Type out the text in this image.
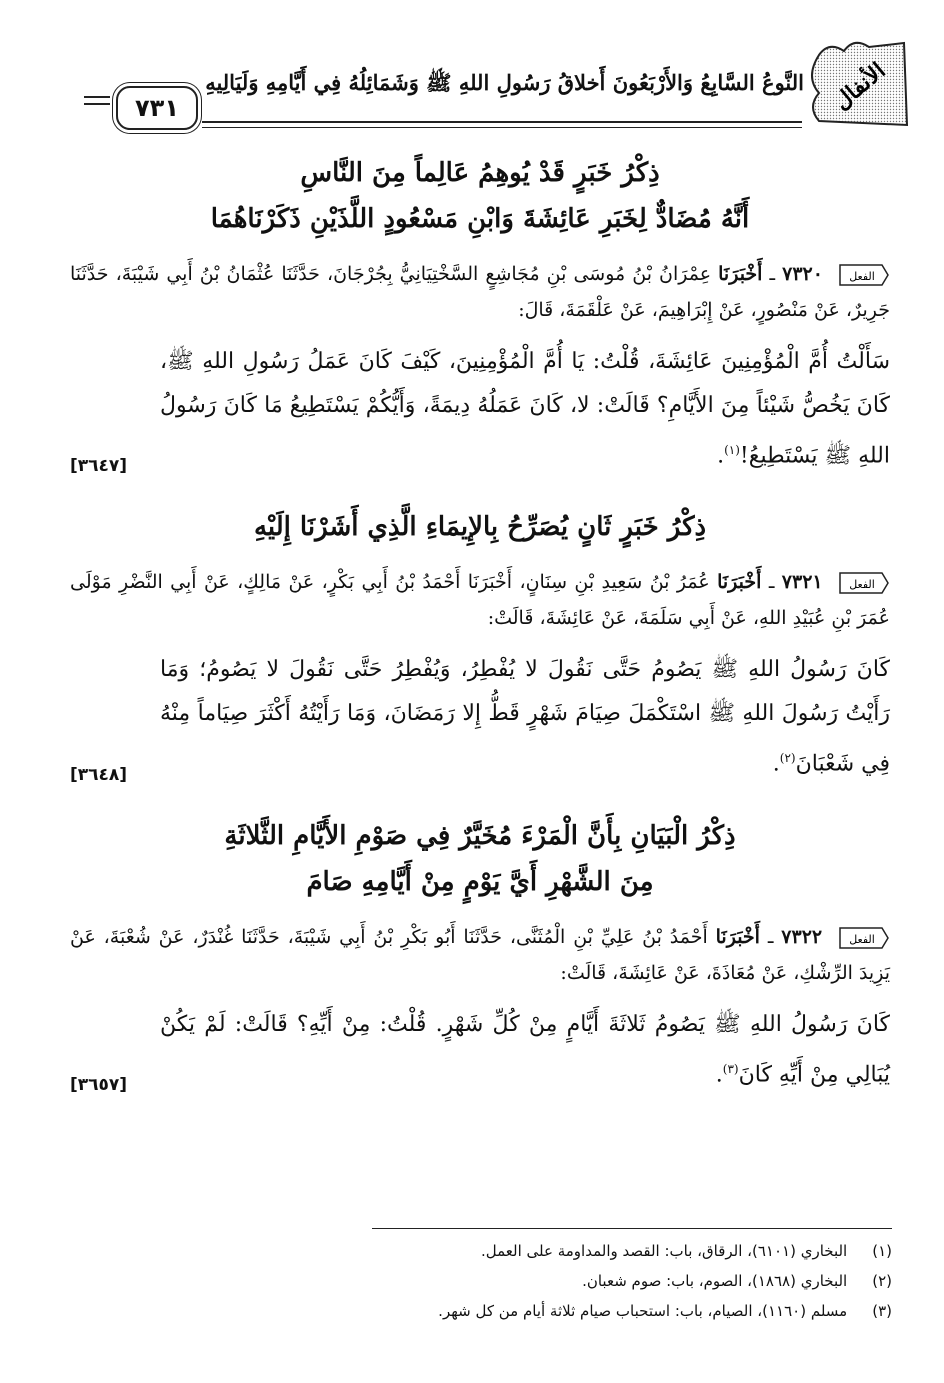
الأنفال
النَّوعُ السَّابِعُ وَالأَرْبَعُونَ أَخلاقُ رَسُولِ اللهِ ﷺ وَشَمَائِلُهُ فِي أَيَّامِهِ وَلَيَالِيهِ
٧٣١

ذِكْرُ خَبَرٍ قَدْ يُوهِمُ عَالِماً مِنَ النَّاسِ

أَنَّهُ مُضَادٌّ لِخَبَرِ عَائِشَةَ وَابْنِ مَسْعُودٍ اللَّذَيْنِ ذَكَرْنَاهُمَا

الفعل
٧٣٢٠ ـ أَخْبَرَنَا عِمْرَانُ بْنُ مُوسَى بْنِ مُجَاشِعٍ السَّخْتِيَانِيُّ بِجُرْجَانَ، حَدَّثَنَا عُثْمَانُ بْنُ أَبِي شَيْبَةَ، حَدَّثَنَا جَرِيرٌ، عَنْ مَنْصُورٍ، عَنْ إِبْرَاهِيمَ، عَنْ عَلْقَمَةَ، قَالَ:

سَأَلْتُ أُمَّ الْمُؤْمِنِينَ عَائِشَةَ، قُلْتُ: يَا أُمَّ الْمُؤْمِنِينَ، كَيْفَ كَانَ عَمَلُ رَسُولِ اللهِ ﷺ، كَانَ يَخُصُّ شَيْئاً مِنَ الأَيَّامِ؟ قَالَتْ: لا، كَانَ عَمَلُهُ دِيمَةً، وَأَيُّكُمْ يَسْتَطِيعُ مَا كَانَ رَسُولُ اللهِ ﷺ يَسْتَطِيعُ!$^{(١)}$.

[٣٦٤٧]

ذِكْرُ خَبَرٍ ثَانٍ يُصَرِّحُ بِالإِيمَاءِ الَّذِي أَشَرْنَا إِلَيْهِ

الفعل
٧٣٢١ ـ أَخْبَرَنَا عُمَرُ بْنُ سَعِيدِ بْنِ سِنَانٍ، أَخْبَرَنَا أَحْمَدُ بْنُ أَبِي بَكْرٍ، عَنْ مَالِكٍ، عَنْ أَبِي النَّضْرِ مَوْلَى عُمَرَ بْنِ عُبَيْدِ اللهِ، عَنْ أَبِي سَلَمَةَ، عَنْ عَائِشَةَ، قَالَتْ:

كَانَ رَسُولُ اللهِ ﷺ يَصُومُ حَتَّى نَقُولَ لا يُفْطِرُ، وَيُفْطِرُ حَتَّى نَقُولَ لا يَصُومُ؛ وَمَا رَأَيْتُ رَسُولَ اللهِ ﷺ اسْتَكْمَلَ صِيَامَ شَهْرٍ قَطُّ إِلا رَمَضَانَ، وَمَا رَأَيْتُهُ أَكْثَرَ صِيَاماً مِنْهُ فِي شَعْبَانَ$^{(٢)}$.

[٣٦٤٨]

ذِكْرُ الْبَيَانِ بِأَنَّ الْمَرْءَ مُخَيَّرٌ فِي صَوْمِ الأَيَّامِ الثَّلاثَةِ

مِنَ الشَّهْرِ أَيَّ يَوْمٍ مِنْ أَيَّامِهِ صَامَ

الفعل
٧٣٢٢ ـ أَخْبَرَنَا أَحْمَدُ بْنُ عَلِيِّ بْنِ الْمُثَنَّى، حَدَّثَنَا أَبُو بَكْرِ بْنُ أَبِي شَيْبَةَ، حَدَّثَنَا غُنْدَرٌ، عَنْ شُعْبَةَ، عَنْ يَزِيدَ الرِّشْكِ، عَنْ مُعَاذَةَ، عَنْ عَائِشَةَ، قَالَتْ:

كَانَ رَسُولُ اللهِ ﷺ يَصُومُ ثَلاثَةَ أَيَّامٍ مِنْ كُلِّ شَهْرٍ. قُلْتُ: مِنْ أَيِّهِ؟ قَالَتْ: لَمْ يَكُنْ يُبَالِي مِنْ أَيِّهِ كَانَ$^{(٣)}$.

[٣٦٥٧]
(١) البخاري (٦١٠١)، الرقاق، باب: القصد والمداومة على العمل.
(٢) البخاري (١٨٦٨)، الصوم، باب: صوم شعبان.
(٣) مسلم (١١٦٠)، الصيام، باب: استحباب صيام ثلاثة أيام من كل شهر.
